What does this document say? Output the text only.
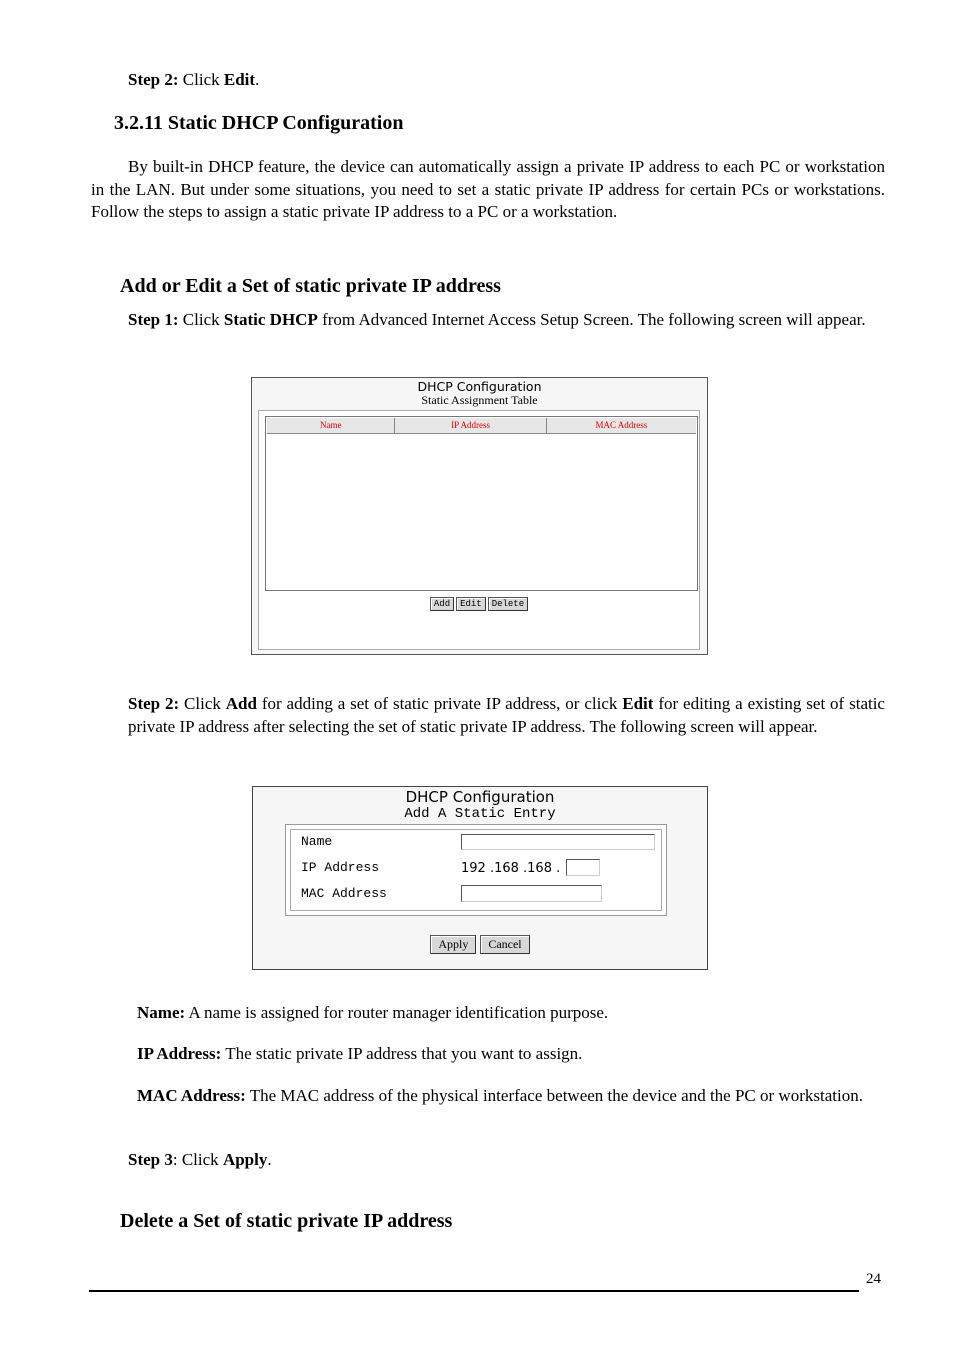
Step 2: Click Edit.
3.2.11 Static DHCP Configuration
By built-in DHCP feature, the device can automatically assign a private IP address to each PC or workstation in the LAN. But under some situations, you need to set a static private IP address for certain PCs or workstations. Follow the steps to assign a static private IP address to a PC or a workstation.
Add or Edit a Set of static private IP address
Step 1: Click Static DHCP from Advanced Internet Access Setup Screen. The following screen will appear.
DHCP Configuration
Static Assignment Table
Name	IP Address	MAC Address
Add Edit Delete
Step 2: Click Add for adding a set of static private IP address, or click Edit for editing a existing set of static private IP address after selecting the set of static private IP address. The following screen will appear.
DHCP Configuration
Add A Static Entry
Name
IP Address	192 .168 .168 .
MAC Address
Apply Cancel
Name: A name is assigned for router manager identification purpose.
IP Address: The static private IP address that you want to assign.
MAC Address: The MAC address of the physical interface between the device and the PC or workstation.
Step 3: Click Apply.
Delete a Set of static private IP address
24
